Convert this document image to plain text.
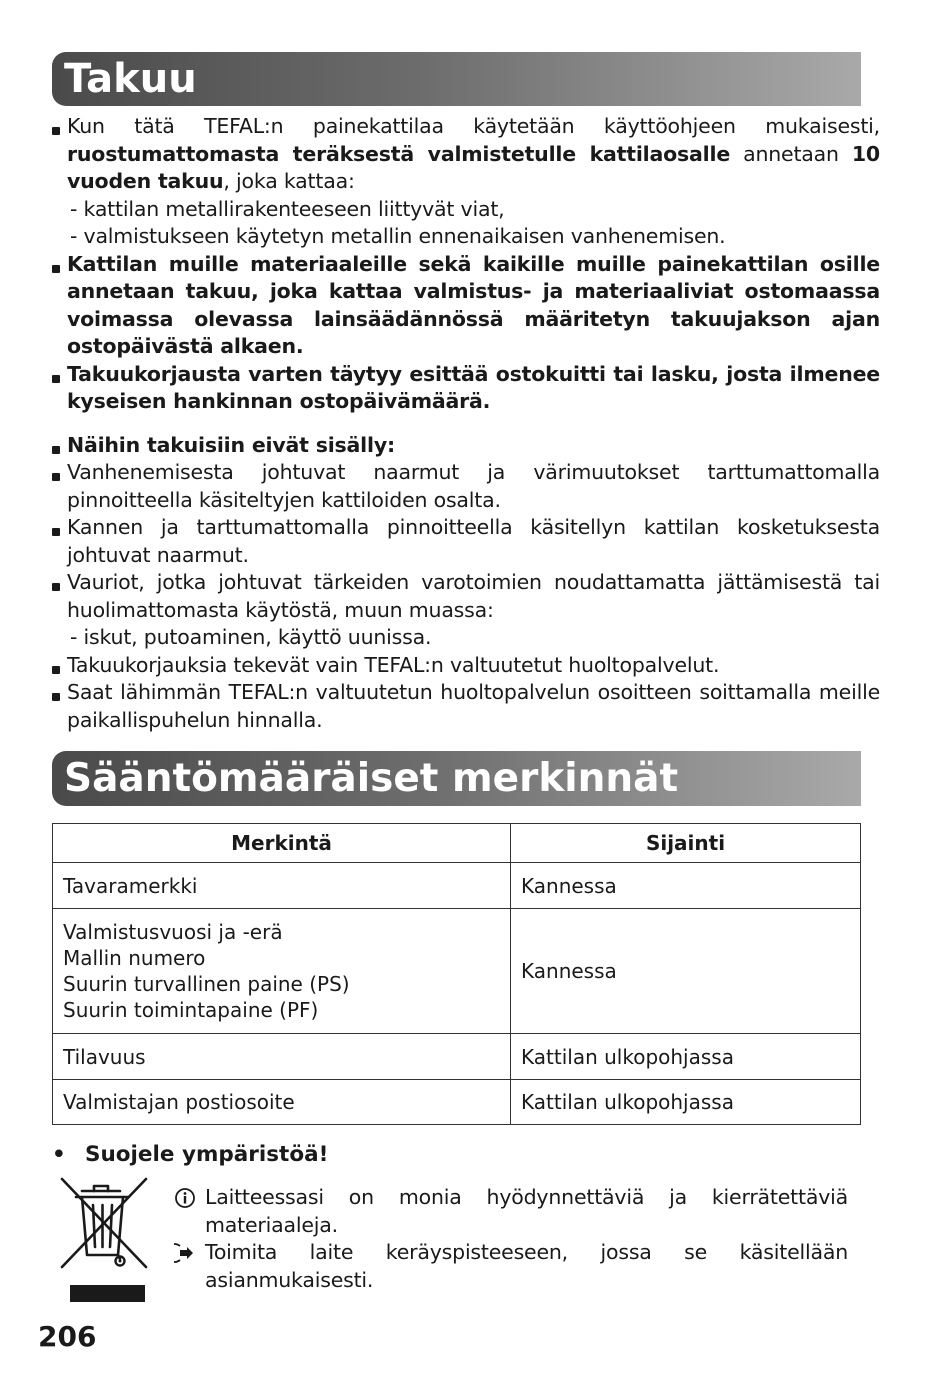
Takuu

Kun tätä TEFAL:n painekattilaa käytetään käyttöohjeen mukaisesti, ruostumattomasta teräksestä valmistetulle kattilaosalle annetaan 10 vuoden takuu, joka kattaa:

- kattilan metallirakenteeseen liittyvät viat,

- valmistukseen käytetyn metallin ennenaikaisen vanhenemisen.

Kattilan muille materiaaleille sekä kaikille muille painekattilan osille annetaan takuu, joka kattaa valmistus- ja materiaaliviat ostomaassa voimassa olevassa lainsäädännössä määritetyn takuujakson ajan ostopäivästä alkaen.

Takuukorjausta varten täytyy esittää ostokuitti tai lasku, josta ilmenee kyseisen hankinnan ostopäivämäärä.

Näihin takuisiin eivät sisälly:

Vanhenemisesta johtuvat naarmut ja värimuutokset tarttumattomalla pinnoitteella käsiteltyjen kattiloiden osalta.

Kannen ja tarttumattomalla pinnoitteella käsitellyn kattilan kosketuksesta johtuvat naarmut.

Vauriot, jotka johtuvat tärkeiden varotoimien noudattamatta jättämisestä tai huolimattomasta käytöstä, muun muassa:

- iskut, putoaminen, käyttö uunissa.

Takuukorjauksia tekevät vain TEFAL:n valtuutetut huoltopalvelut.

Saat lähimmän TEFAL:n valtuutetun huoltopalvelun osoitteen soittamalla meille paikallispuhelun hinnalla.

Sääntömääräiset merkinnät
Merkintä	Sijainti
Tavaramerkki	Kannessa

Valmistusvuosi ja -erä
Mallin numero
Suurin turvallinen paine (PS)
Suurin toimintapaine (PF)	Kannessa
Tilavuus	Kattilan ulkopohjassa
Valmistajan postiosoite	Kattilan ulkopohjassa
• Suojele ympäristöä!

Laitteessasi on monia hyödynnettäviä ja kierrätettäviä materiaaleja.

Toimita laite keräyspisteeseen, jossa se käsitellään asianmukaisesti.

206
